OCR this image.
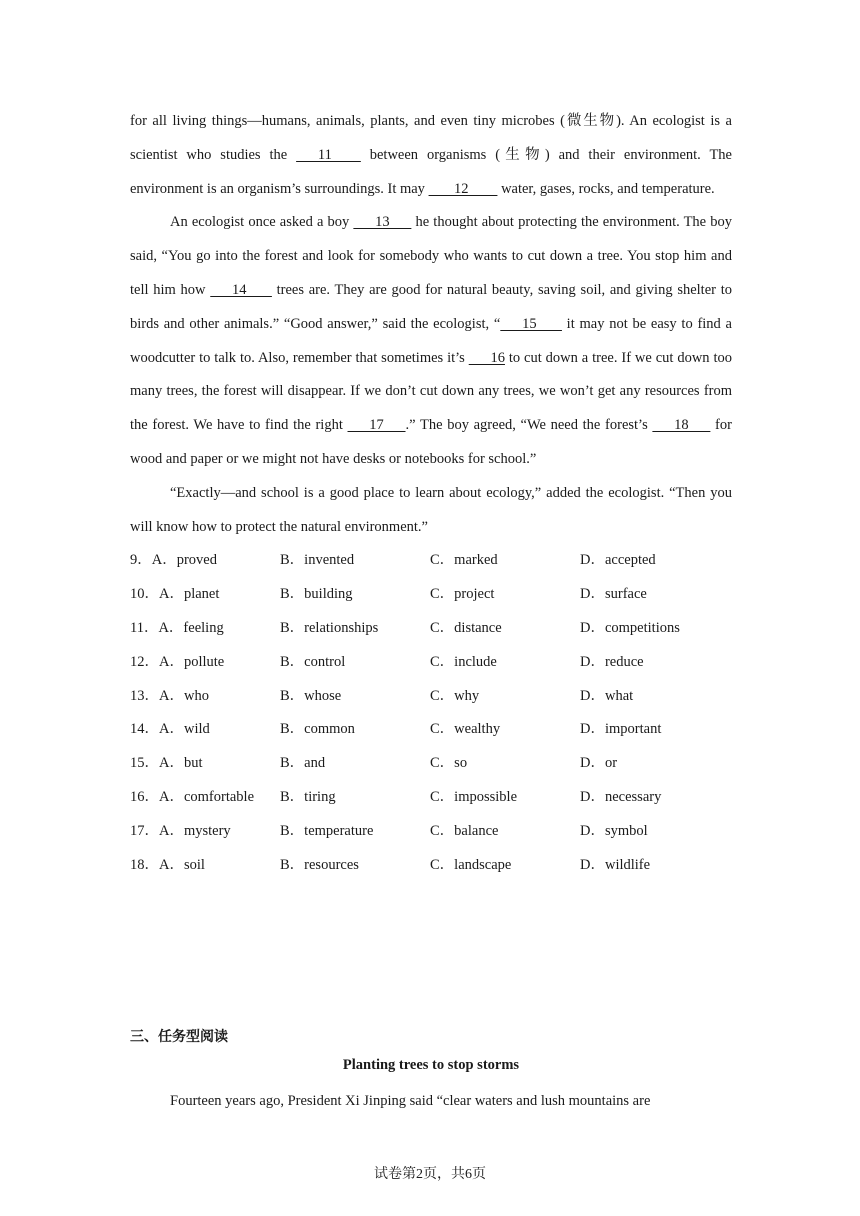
for all living things—humans, animals, plants, and even tiny microbes (微生物). An ecologist is a scientist who studies the       11         between organisms (生物) and their environment. The environment is an organism’s surroundings. It may        12         water, gases, rocks, and temperature.

An ecologist once asked a boy       13       he thought about protecting the environment. The boy said, “You go into the forest and look for somebody who wants to cut down a tree. You stop him and tell him how       14        trees are. They are good for natural beauty, saving soil, and giving shelter to birds and other animals.” “Good answer,” said the ecologist, “      15        it may not be easy to find a woodcutter to talk to. Also, remember that sometimes it’s       16 to cut down a tree. If we cut down too many trees, the forest will disappear. If we don’t cut down any trees, we won’t get any resources from the forest. We have to find the right       17      .” The boy agreed, “We need the forest’s       18       for wood and paper or we might not have desks or notebooks for school.”

“Exactly—and school is a good place to learn about ecology,” added the ecologist. “Then you will know how to protect the natural environment.”

9．A．proved	B．invented	C．marked	D．accepted
10．A．planet	B．building	C．project	D．surface
11．A．feeling	B．relationships	C．distance	D．competitions
12．A．pollute	B．control	C．include	D．reduce
13．A．who	B．whose	C．why	D．what
14．A．wild	B．common	C．wealthy	D．important
15．A．but	B．and	C．so	D．or
16．A．comfortable	B．tiring	C．impossible	D．necessary
17．A．mystery	B．temperature	C．balance	D．symbol
18．A．soil	B．resources	C．landscape	D．wildlife
三、任务型阅读
Planting trees to stop storms

Fourteen years ago, President Xi Jinping said “clear waters and lush mountains are

试卷第2页，共6页
